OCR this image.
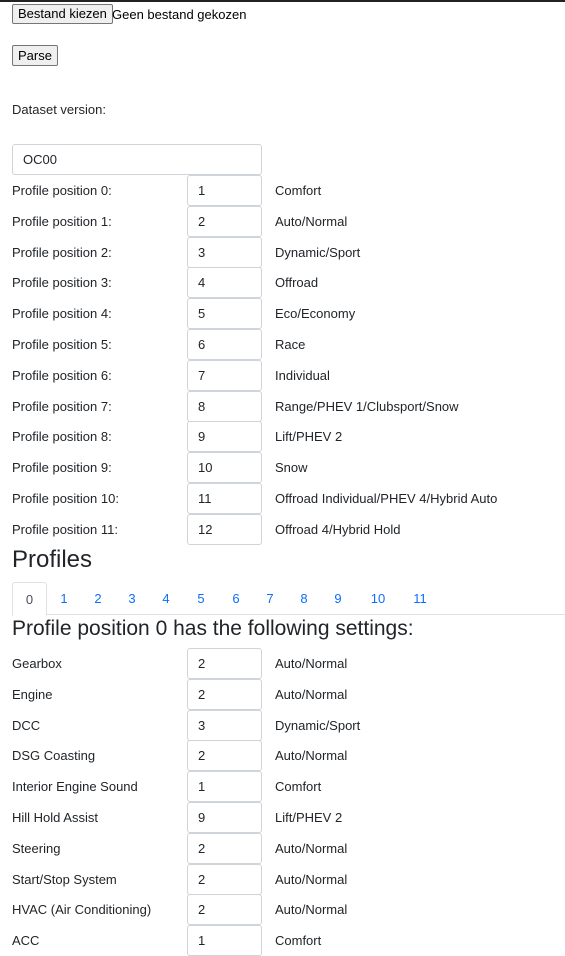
Bestand kiezen Geen bestand gekozen
Parse
Dataset version:
OC00
Profile position 0:
1	Comfort
Profile position 1:
2	Auto/Normal
Profile position 2:
3	Dynamic/Sport
Profile position 3:
4	Offroad
Profile position 4:
5	Eco/Economy
Profile position 5:
6	Race
Profile position 6:
7	Individual
Profile position 7:
8	Range/PHEV 1/Clubsport/Snow
Profile position 8:
9	Lift/PHEV 2
Profile position 9:
10	Snow
Profile position 10:
11	Offroad Individual/PHEV 4/Hybrid Auto
Profile position 11:
12	Offroad 4/Hybrid Hold
Profiles
0	1	2	3	4	5	6	7	8	9	10	11
Profile position 0 has the following settings:
Gearbox
2	Auto/Normal
Engine
2	Auto/Normal
DCC
3	Dynamic/Sport
DSG Coasting
2	Auto/Normal
Interior Engine Sound
1	Comfort
Hill Hold Assist
9	Lift/PHEV 2
Steering
2	Auto/Normal
Start/Stop System
2	Auto/Normal
HVAC (Air Conditioning)
2	Auto/Normal
ACC
1	Comfort
